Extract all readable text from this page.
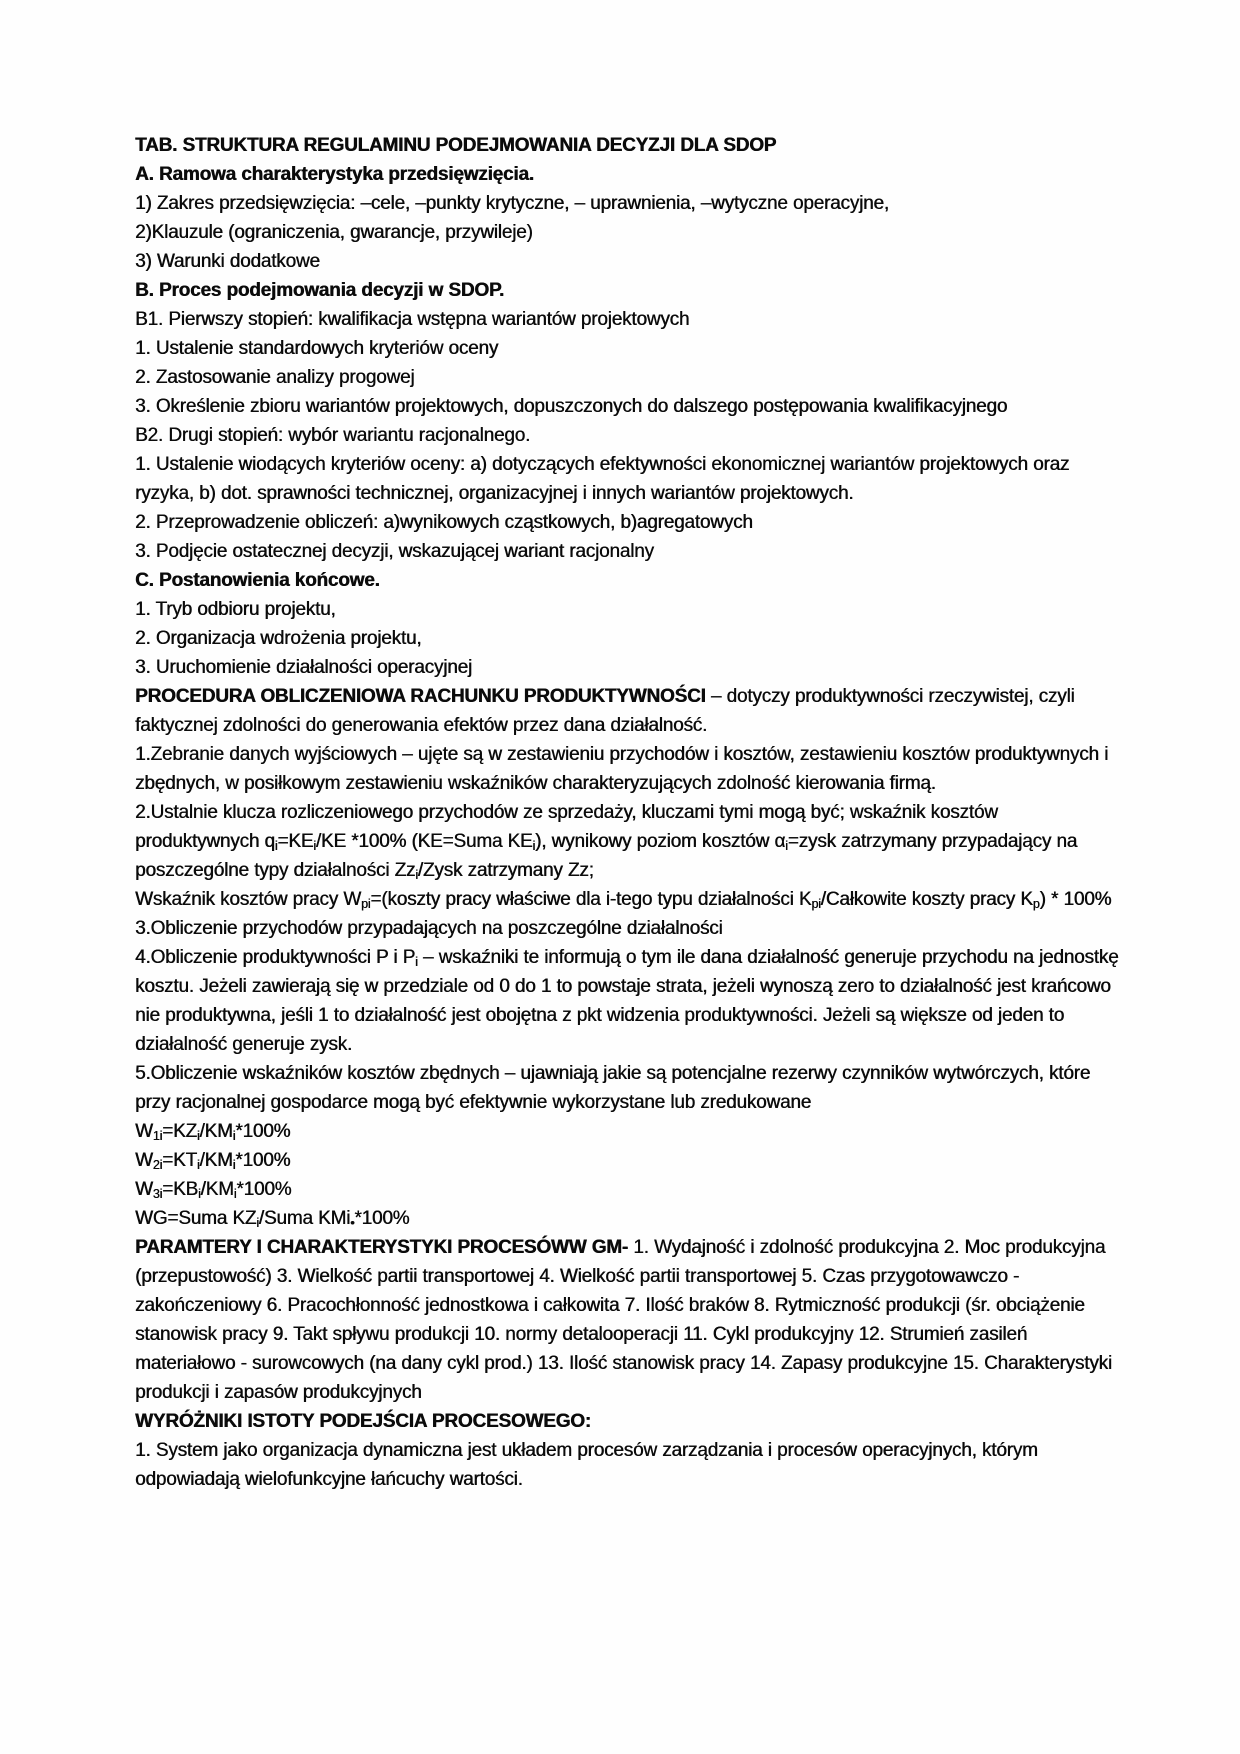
TAB. STRUKTURA REGULAMINU PODEJMOWANIA DECYZJI DLA SDOP

A. Ramowa charakterystyka przedsięwzięcia.

1) Zakres przedsięwzięcia: –cele, –punkty krytyczne, – uprawnienia, –wytyczne operacyjne,

2)Klauzule (ograniczenia, gwarancje, przywileje)

3) Warunki dodatkowe

B. Proces podejmowania decyzji w SDOP.

B1. Pierwszy stopień: kwalifikacja wstępna wariantów projektowych

1. Ustalenie standardowych kryteriów oceny

2. Zastosowanie analizy progowej

3. Określenie zbioru wariantów projektowych, dopuszczonych do dalszego postępowania kwalifikacyjnego

B2. Drugi stopień: wybór wariantu racjonalnego.

1. Ustalenie wiodących kryteriów oceny: a) dotyczących efektywności ekonomicznej wariantów projektowych oraz ryzyka, b) dot. sprawności technicznej, organizacyjnej i innych wariantów projektowych.

2. Przeprowadzenie obliczeń: a)wynikowych cząstkowych, b)agregatowych

3. Podjęcie ostatecznej decyzji, wskazującej wariant racjonalny

C. Postanowienia końcowe.

1. Tryb odbioru projektu,

2. Organizacja wdrożenia projektu,

3. Uruchomienie działalności operacyjnej

PROCEDURA OBLICZENIOWA RACHUNKU PRODUKTYWNOŚCI – dotyczy produktywności rzeczywistej, czyli faktycznej zdolności do generowania efektów przez dana działalność.

1.Zebranie danych wyjściowych – ujęte są w zestawieniu przychodów i kosztów, zestawieniu kosztów produktywnych i zbędnych, w posiłkowym zestawieniu wskaźników charakteryzujących zdolność kierowania firmą.

2.Ustalnie klucza rozliczeniowego przychodów ze sprzedaży, kluczami tymi mogą być; wskaźnik kosztów produktywnych $q_i=KE_i/KE$ *100% (KE=Suma $KE_i$), wynikowy poziom kosztów $\alpha_i=zysk$ zatrzymany przypadający na poszczególne typy działalności $Zz_i$/Zysk zatrzymany Zz;

Wskaźnik kosztów pracy $W_{pi}=(koszty$ pracy właściwe dla i-tego typu działalności $K_{pi}$/Całkowite koszty pracy $K_p) * 100\%$

3.Obliczenie przychodów przypadających na poszczególne działalności

4.Obliczenie produktywności P i $P_i$ – wskaźniki te informują o tym ile dana działalność generuje przychodu na jednostkę kosztu. Jeżeli zawierają się w przedziale od 0 do 1 to powstaje strata, jeżeli wynoszą zero to działalność jest krańcowo nie produktywna, jeśli 1 to działalność jest obojętna z pkt widzenia produktywności. Jeżeli są większe od jeden to działalność generuje zysk.

5.Obliczenie wskaźników kosztów zbędnych – ujawniają jakie są potencjalne rezerwy czynników wytwórczych, które przy racjonalnej gospodarce mogą być efektywnie wykorzystane lub zredukowane

$W_{1i}=KZ_i/KM_i*100\%$

$W_{2i}=KT_i/KM_i*100\%$

$W_{3i}=KB_i/KM_i*100\%$

WG=Suma $KZ_i$/Suma KMi$_•$*100%

PARAMTERY I CHARAKTERYSTYKI PROCESÓWW GM- 1. Wydajność i zdolność produkcyjna 2. Moc produkcyjna (przepustowość) 3. Wielkość partii transportowej 4. Wielkość partii transportowej 5. Czas przygotowawczo - zakończeniowy 6. Pracochłonność jednostkowa i całkowita 7. Ilość braków 8. Rytmiczność produkcji (śr. obciążenie stanowisk pracy 9. Takt spływu produkcji 10. normy detalooperacji 11. Cykl produkcyjny 12. Strumień zasileń materiałowo - surowcowych (na dany cykl prod.) 13. Ilość stanowisk pracy 14. Zapasy produkcyjne 15. Charakterystyki produkcji i zapasów produkcyjnych

WYRÓŻNIKI ISTOTY PODEJŚCIA PROCESOWEGO:

1. System jako organizacja dynamiczna jest układem procesów zarządzania i procesów operacyjnych, którym odpowiadają wielofunkcyjne łańcuchy wartości.
